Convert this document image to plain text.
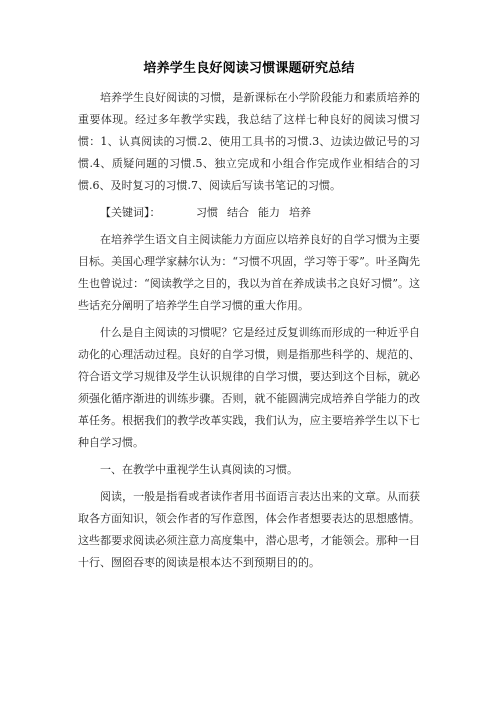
培养学生良好阅读习惯课题研究总结

培养学生良好阅读的习惯，是新课标在小学阶段能力和素质培养的重要体现。经过多年教学实践，我总结了这样七种良好的阅读习惯习惯：1、认真阅读的习惯.2、使用工具书的习惯.3、边读边做记号的习惯.4、质疑问题的习惯.5、独立完成和小组合作完成作业相结合的习惯.6、及时复习的习惯.7、阅读后写读书笔记的习惯。

【关键词】：	习惯 结合 能力 培养

在培养学生语文自主阅读能力方面应以培养良好的自学习惯为主要目标。美国心理学家赫尔认为：“习惯不巩固，学习等于零”。叶圣陶先生也曾说过：“阅读教学之目的，我以为首在养成读书之良好习惯”。这些话充分阐明了培养学生自学习惯的重大作用。

什么是自主阅读的习惯呢？它是经过反复训练而形成的一种近乎自动化的心理活动过程。良好的自学习惯，则是指那些科学的、规范的、符合语文学习规律及学生认识规律的自学习惯，要达到这个目标，就必须强化循序渐进的训练步骤。否则，就不能圆满完成培养自学能力的改革任务。根据我们的教学改革实践，我们认为，应主要培养学生以下七种自学习惯。

一、在教学中重视学生认真阅读的习惯。

阅读，一般是指看或者读作者用书面语言表达出来的文章。从而获取各方面知识，领会作者的写作意图，体会作者想要表达的思想感情。这些都要求阅读必须注意力高度集中，潜心思考，才能领会。那种一目十行、囫囵吞枣的阅读是根本达不到预期目的的。
